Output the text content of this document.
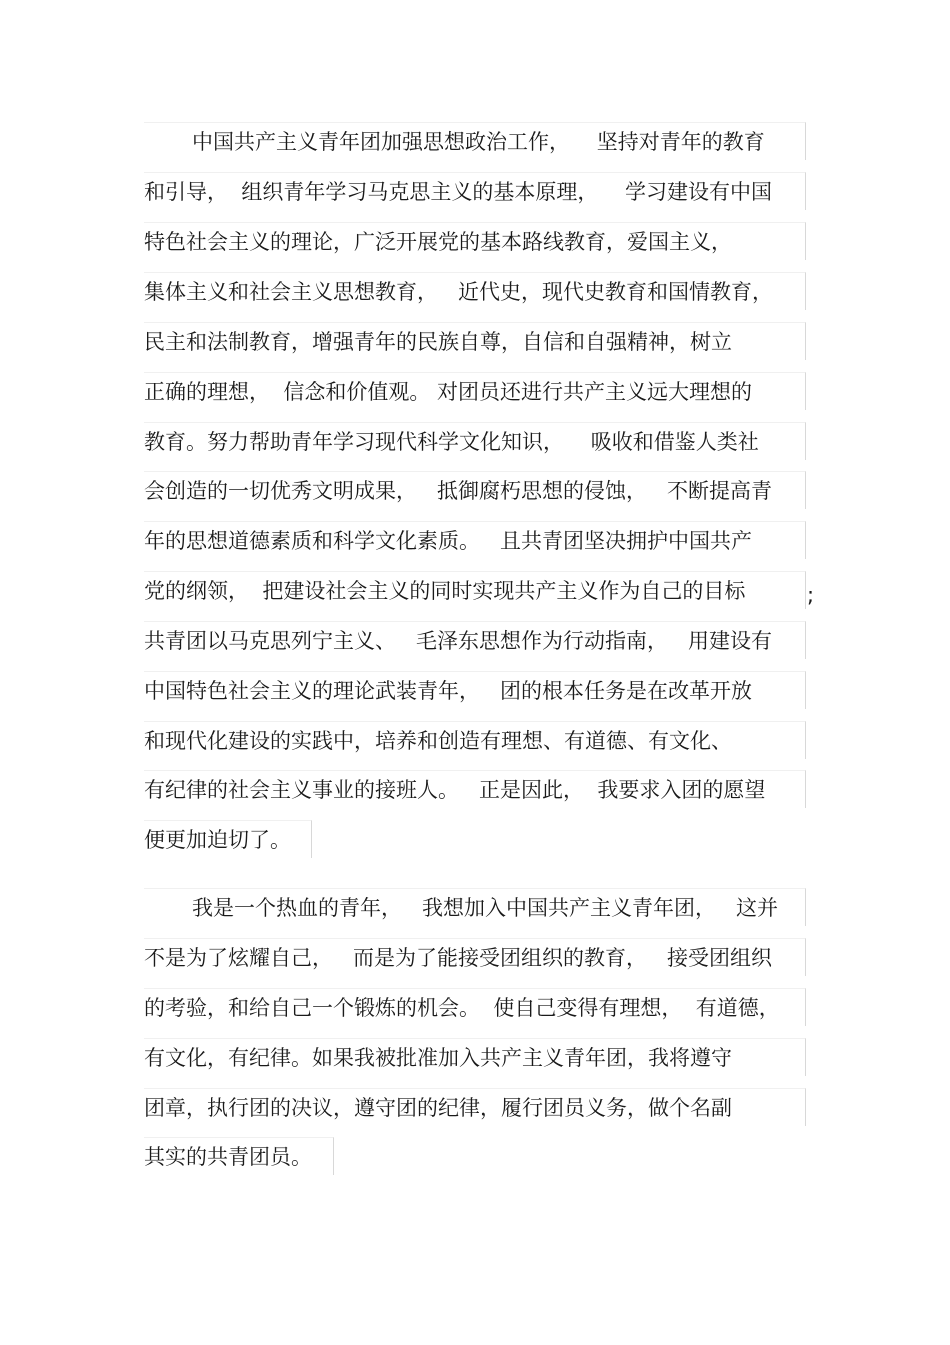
中国共产主义青年团加强思想政治工作，    坚持对青年的教育
和引导，  组织青年学习马克思主义的基本原理，    学习建设有中国
特色社会主义的理论，广泛开展党的基本路线教育，爱国主义，
集体主义和社会主义思想教育，   近代史，现代史教育和国情教育，
民主和法制教育，增强青年的民族自尊，自信和自强精神，树立
正确的理想，  信念和价值观。 对团员还进行共产主义远大理想的
教育。努力帮助青年学习现代科学文化知识，    吸收和借鉴人类社
会创造的一切优秀文明成果，   抵御腐朽思想的侵蚀，   不断提高青
年的思想道德素质和科学文化素质。   且共青团坚决拥护中国共产
党的纲领，  把建设社会主义的同时实现共产主义作为自己的目标
共青团以马克思列宁主义、   毛泽东思想作为行动指南，   用建设有
中国特色社会主义的理论武装青年，   团的根本任务是在改革开放
和现代化建设的实践中，培养和创造有理想、有道德、有文化、
有纪律的社会主义事业的接班人。   正是因此，  我要求入团的愿望
便更加迫切了。
;
我是一个热血的青年，   我想加入中国共产主义青年团，   这并
不是为了炫耀自己，   而是为了能接受团组织的教育，   接受团组织
的考验，和给自己一个锻炼的机会。  使自己变得有理想，  有道德，
有文化，有纪律。如果我被批准加入共产主义青年团，我将遵守
团章，执行团的决议，遵守团的纪律，履行团员义务，做个名副
其实的共青团员。
